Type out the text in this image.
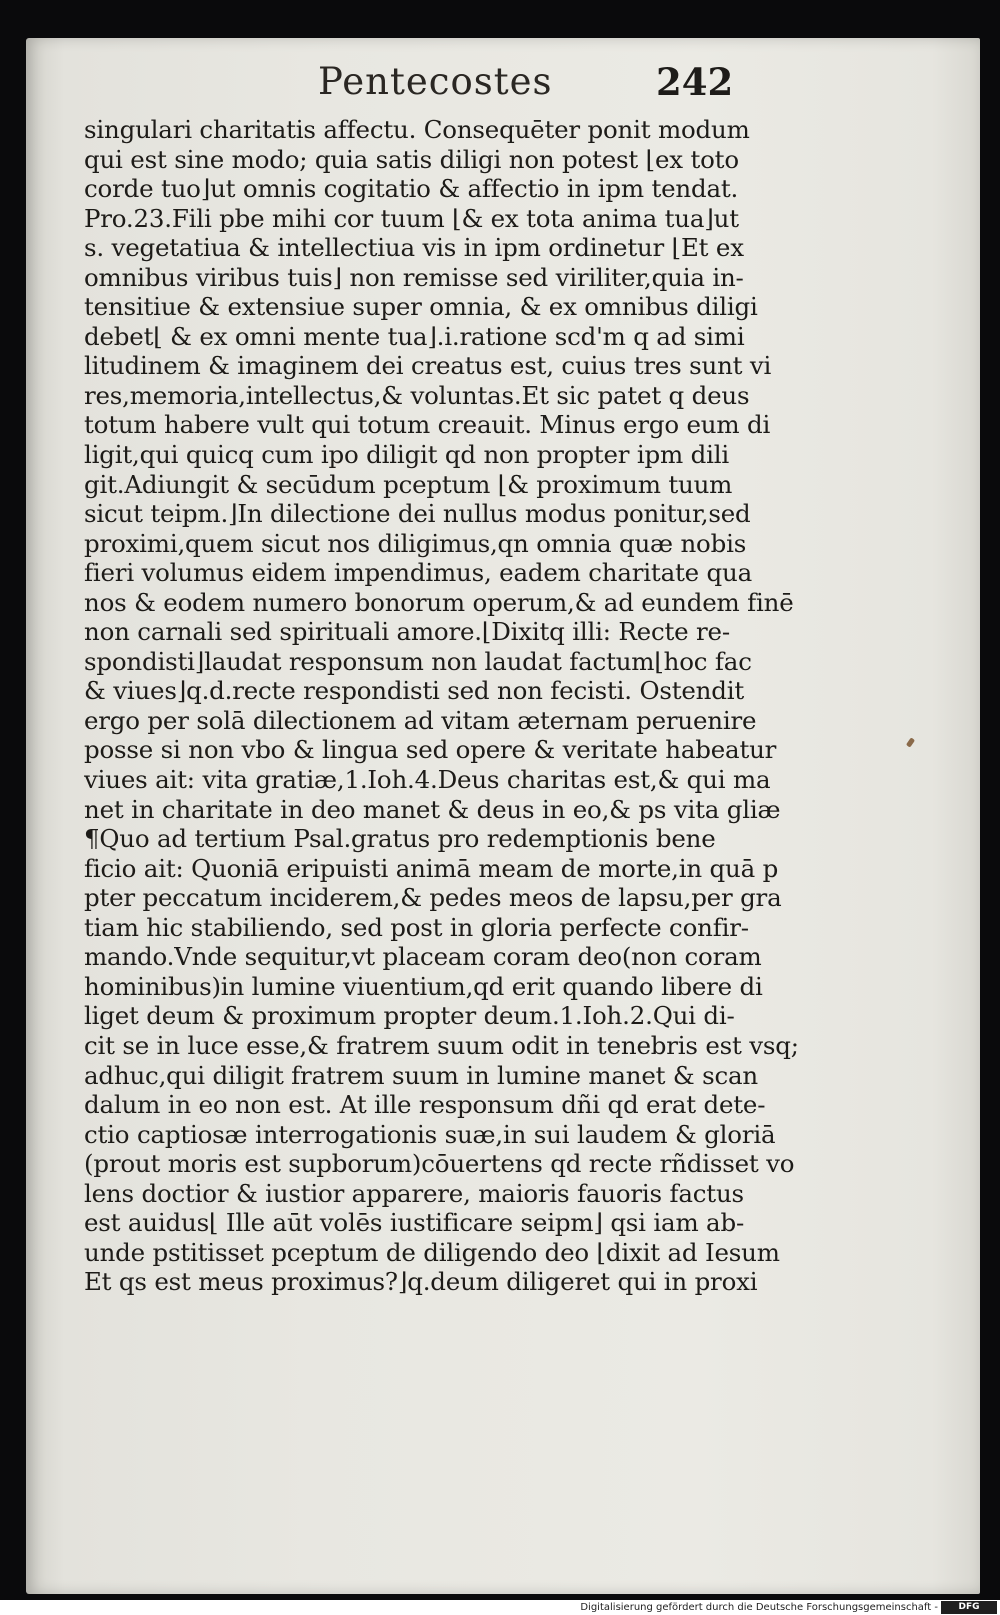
Pentecostes	242
singulari charitatis affectu. Consequēter ponit modum
qui est sine modo; quia satis diligi non potest ⌊ex toto
corde tuo⌋ut omnis cogitatio & affectio in ipm tendat.
Pro.23.Fili pbe mihi cor tuum ⌊& ex tota anima tua⌋ut
s. vegetatiua & intellectiua vis in ipm ordinetur ⌊Et ex
omnibus viribus tuis⌋ non remisse sed viriliter,quia in-
tensitiue & extensiue super omnia, & ex omnibus diligi
debet⌊ & ex omni mente tua⌋.i.ratione scd'm q ad simi
litudinem & imaginem dei creatus est, cuius tres sunt vi
res,memoria,intellectus,& voluntas.Et sic patet q deus
totum habere vult qui totum creauit. Minus ergo eum di
ligit,qui quicq cum ipo diligit qd non propter ipm dili
git.Adiungit & secūdum pceptum ⌊& proximum tuum
sicut teipm.⌋In dilectione dei nullus modus ponitur,sed
proximi,quem sicut nos diligimus,qn omnia quæ nobis
fieri volumus eidem impendimus, eadem charitate qua
nos & eodem numero bonorum operum,& ad eundem finē
non carnali sed spirituali amore.⌊Dixitq illi: Recte re-
spondisti⌋laudat responsum non laudat factum⌊hoc fac
& viues⌋q.d.recte respondisti sed non fecisti. Ostendit
ergo per solā dilectionem ad vitam æternam peruenire
posse si non vbo & lingua sed opere & veritate habeatur
viues ait: vita gratiæ,1.Ioh.4.Deus charitas est,& qui ma
net in charitate in deo manet & deus in eo,& ps vita gliæ
¶Quo ad tertium Psal.gratus pro redemptionis bene
ficio ait: Quoniā eripuisti animā meam de morte,in quā p
pter peccatum inciderem,& pedes meos de lapsu,per gra
tiam hic stabiliendo, sed post in gloria perfecte confir-
mando.Vnde sequitur,vt placeam coram deo(non coram
hominibus)in lumine viuentium,qd erit quando libere di
liget deum & proximum propter deum.1.Ioh.2.Qui di-
cit se in luce esse,& fratrem suum odit in tenebris est vsq;
adhuc,qui diligit fratrem suum in lumine manet & scan
dalum in eo non est. At ille responsum dñi qd erat dete-
ctio captiosæ interrogationis suæ,in sui laudem & gloriā
(prout moris est supborum)cōuertens qd recte rñdisset vo
lens doctior & iustior apparere, maioris fauoris factus
est auidus⌊ Ille aūt volēs iustificare seipm⌋ qsi iam ab-
unde pstitisset pceptum de diligendo deo ⌊dixit ad Iesum
Et qs est meus proximus?⌋q.deum diligeret qui in proxi
Digitalisierung gefördert durch die Deutsche Forschungsgemeinschaft -	DFG
